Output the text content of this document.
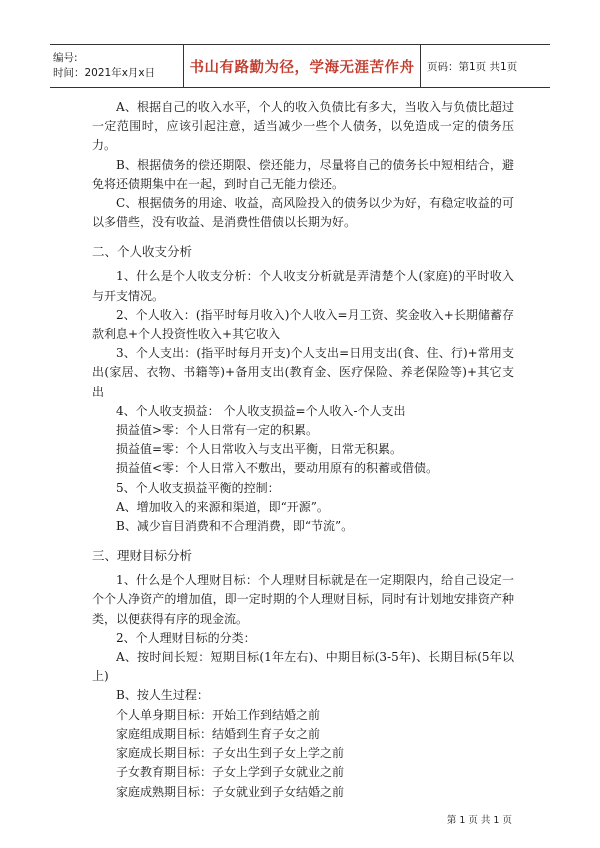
编号:
时间：2021年x月x日	书山有路勤为径，学海无涯苦作舟 页码：第1页 共1页

A、根据自己的收入水平，个人的收入负债比有多大，当收入与负债比超过一定范围时，应该引起注意，适当减少一些个人债务，以免造成一定的债务压力。

B、根据债务的偿还期限、偿还能力，尽量将自己的债务长中短相结合，避免将还债期集中在一起，到时自己无能力偿还。

C、根据债务的用途、收益，高风险投入的债务以少为好，有稳定收益的可以多借些，没有收益、是消费性借债以长期为好。

二、个人收支分析

1、什么是个人收支分析：个人收支分析就是弄清楚个人(家庭)的平时收入与开支情况。

2、个人收入：(指平时每月收入)个人收入=月工资、奖金收入+长期储蓄存款利息+个人投资性收入+其它收入

3、个人支出：(指平时每月开支)个人支出=日用支出(食、住、行)+常用支出(家居、衣物、书籍等)+备用支出(教育金、医疗保险、养老保险等)+其它支出

4、个人收支损益： 个人收支损益=个人收入-个人支出

损益值>零：个人日常有一定的积累。

损益值=零：个人日常收入与支出平衡，日常无积累。

损益值<零：个人日常入不敷出，要动用原有的积蓄或借债。

5、个人收支损益平衡的控制：

A、增加收入的来源和渠道，即“开源”。

B、减少盲目消费和不合理消费，即“节流”。

三、理财目标分析

1、什么是个人理财目标：个人理财目标就是在一定期限内，给自己设定一个个人净资产的增加值，即一定时期的个人理财目标，同时有计划地安排资产种类，以便获得有序的现金流。

2、个人理财目标的分类：

A、按时间长短：短期目标(1年左右)、中期目标(3-5年)、长期目标(5年以上)

B、按人生过程：

个人单身期目标：开始工作到结婚之前

家庭组成期目标：结婚到生育子女之前

家庭成长期目标：子女出生到子女上学之前

子女教育期目标：子女上学到子女就业之前

家庭成熟期目标：子女就业到子女结婚之前

第 1 页 共 1 页
